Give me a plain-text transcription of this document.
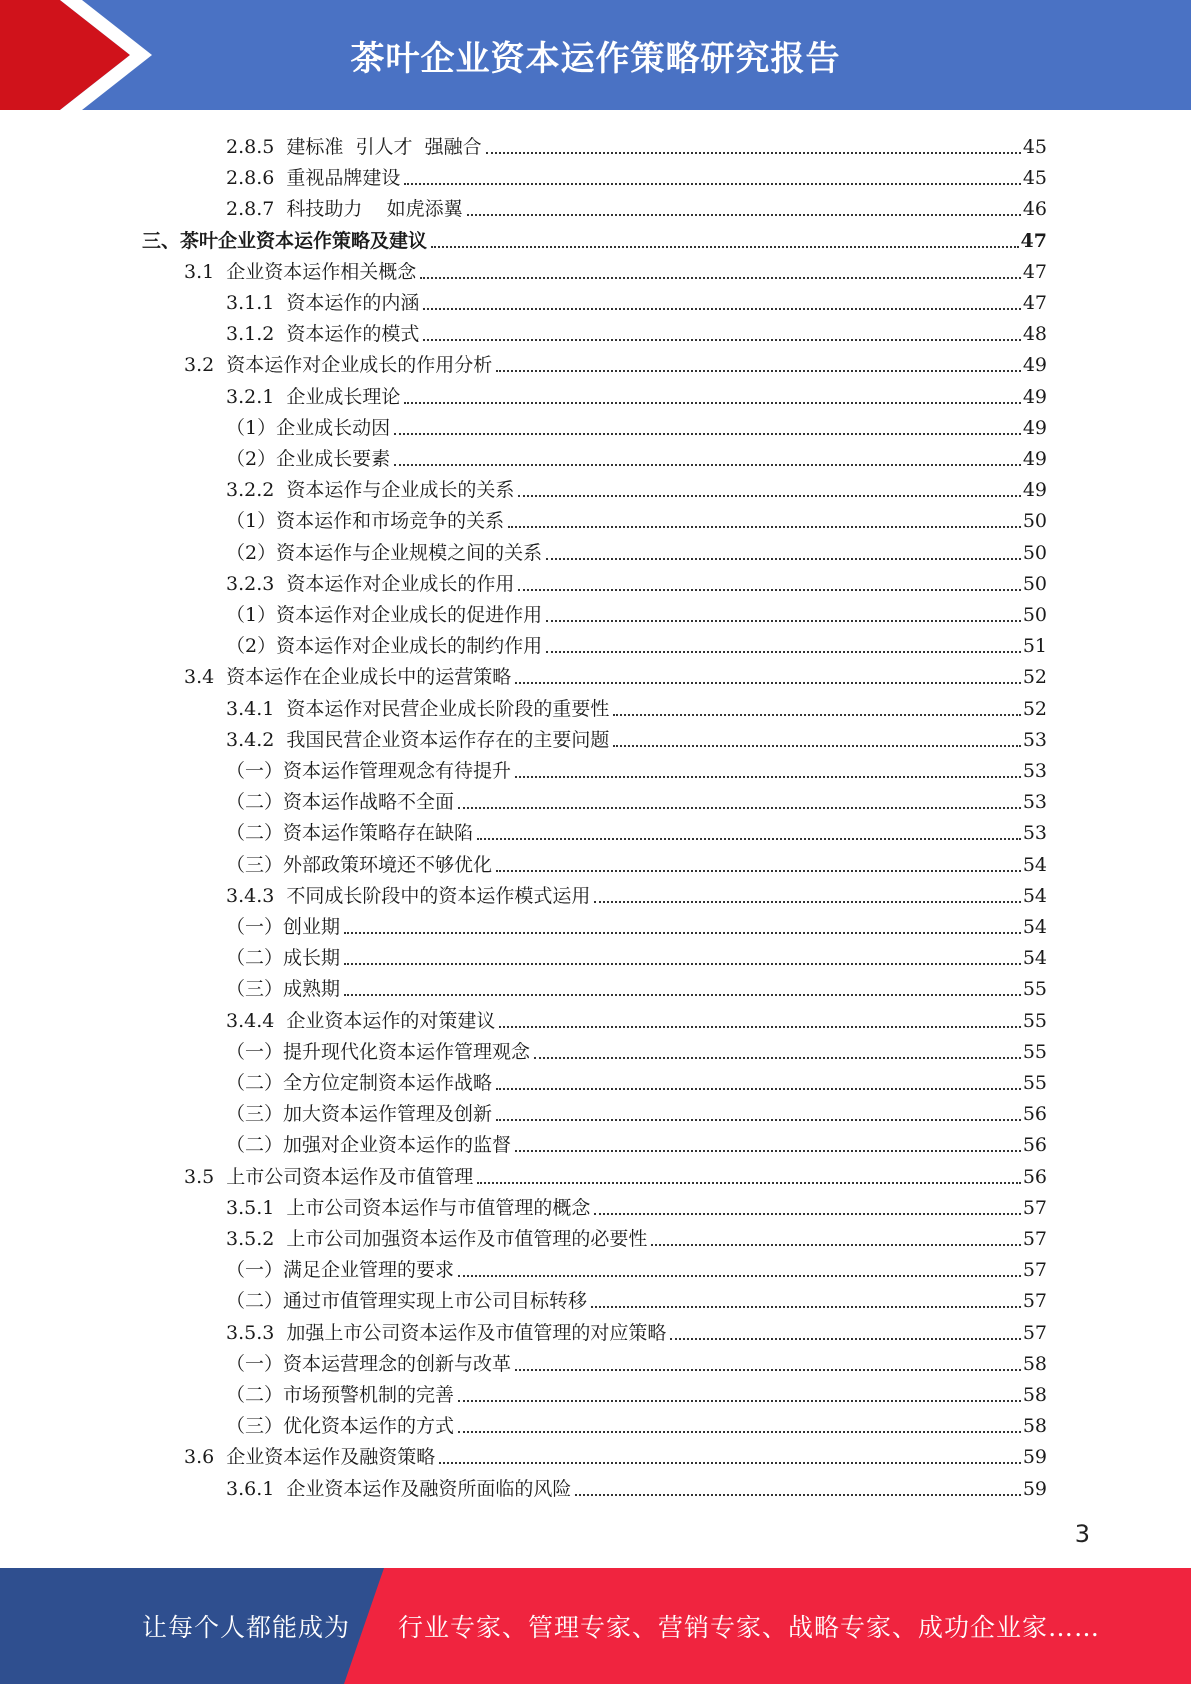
茶叶企业资本运作策略研究报告
2.8.5  建标准  引人才  强融合	45
2.8.6  重视品牌建设	45
2.8.7  科技助力    如虎添翼	46
三、茶叶企业资本运作策略及建议	47
3.1  企业资本运作相关概念	47
3.1.1  资本运作的内涵	47
3.1.2  资本运作的模式	48
3.2  资本运作对企业成长的作用分析	49
3.2.1  企业成长理论	49
（1）企业成长动因	49
（2）企业成长要素	49
3.2.2  资本运作与企业成长的关系	49
（1）资本运作和市场竞争的关系	50
（2）资本运作与企业规模之间的关系	50
3.2.3  资本运作对企业成长的作用	50
（1）资本运作对企业成长的促进作用	50
（2）资本运作对企业成长的制约作用	51
3.4  资本运作在企业成长中的运营策略	52
3.4.1  资本运作对民营企业成长阶段的重要性	52
3.4.2  我国民营企业资本运作存在的主要问题	53
（一）资本运作管理观念有待提升	53
（二）资本运作战略不全面	53
（二）资本运作策略存在缺陷	53
（三）外部政策环境还不够优化	54
3.4.3  不同成长阶段中的资本运作模式运用	54
（一）创业期	54
（二）成长期	54
（三）成熟期	55
3.4.4  企业资本运作的对策建议	55
（一）提升现代化资本运作管理观念	55
（二）全方位定制资本运作战略	55
（三）加大资本运作管理及创新	56
（二）加强对企业资本运作的监督	56
3.5  上市公司资本运作及市值管理	56
3.5.1  上市公司资本运作与市值管理的概念	57
3.5.2  上市公司加强资本运作及市值管理的必要性	57
（一）满足企业管理的要求	57
（二）通过市值管理实现上市公司目标转移	57
3.5.3  加强上市公司资本运作及市值管理的对应策略	57
（一）资本运营理念的创新与改革	58
（二）市场预警机制的完善	58
（三）优化资本运作的方式	58
3.6  企业资本运作及融资策略	59
3.6.1  企业资本运作及融资所面临的风险	59
3
让每个人都能成为 行业专家、管理专家、营销专家、战略专家、成功企业家……
